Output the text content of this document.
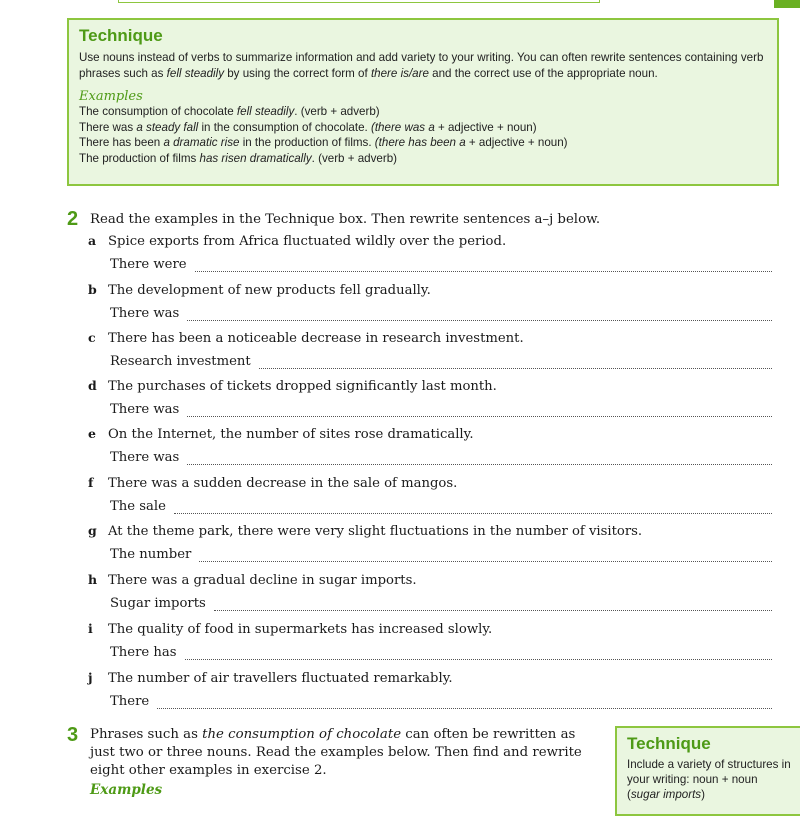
Technique

Use nouns instead of verbs to summarize information and add variety to your writing. You can often rewrite sentences containing verb phrases such as fell steadily by using the correct form of there is/are and the correct use of the appropriate noun.

Examples
The consumption of chocolate fell steadily. (verb + adverb)
There was a steady fall in the consumption of chocolate. (there was a + adjective + noun)
There has been a dramatic rise in the production of films. (there has been a + adjective + noun)
The production of films has risen dramatically. (verb + adverb)
2 Read the examples in the Technique box. Then rewrite sentences a–j below.
a Spice exports from Africa fluctuated wildly over the period.
There were
b The development of new products fell gradually.
There was
c There has been a noticeable decrease in research investment.
Research investment
d The purchases of tickets dropped significantly last month.
There was
e On the Internet, the number of sites rose dramatically.
There was
f There was a sudden decrease in the sale of mangos.
The sale
g At the theme park, there were very slight fluctuations in the number of visitors.
The number
h There was a gradual decline in sugar imports.
Sugar imports
i The quality of food in supermarkets has increased slowly.
There has
j The number of air travellers fluctuated remarkably.
There
3 Phrases such as the consumption of chocolate can often be rewritten as just two or three nouns. Read the examples below. Then find and rewrite eight other examples in exercise 2.
Examples
Technique

Include a variety of structures in your writing: noun + noun (sugar imports)
